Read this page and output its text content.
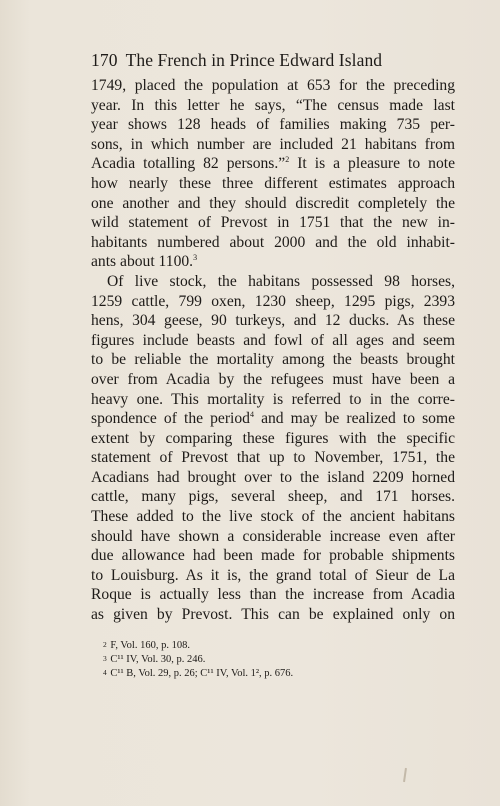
170 The French in Prince Edward Island
1749, placed the population at 653 for the preceding
year. In this letter he says, “The census made last
year shows 128 heads of families making 735 per-
sons, in which number are included 21 habitans from
Acadia totalling 82 persons.”$^2$ It is a pleasure to note
how nearly these three different estimates approach
one another and they should discredit completely the
wild statement of Prevost in 1751 that the new in-
habitants numbered about 2000 and the old inhabit-
ants about 1100.$^3$
Of live stock, the habitans possessed 98 horses,
1259 cattle, 799 oxen, 1230 sheep, 1295 pigs, 2393
hens, 304 geese, 90 turkeys, and 12 ducks. As these
figures include beasts and fowl of all ages and seem
to be reliable the mortality among the beasts brought
over from Acadia by the refugees must have been a
heavy one. This mortality is referred to in the corre-
spondence of the period$^4$ and may be realized to some
extent by comparing these figures with the specific
statement of Prevost that up to November, 1751, the
Acadians had brought over to the island 2209 horned
cattle, many pigs, several sheep, and 171 horses.
These added to the live stock of the ancient habitans
should have shown a considerable increase even after
due allowance had been made for probable shipments
to Louisburg. As it is, the grand total of Sieur de La
Roque is actually less than the increase from Acadia
as given by Prevost. This can be explained only on
2 F, Vol. 160, p. 108.
3 C¹¹ IV, Vol. 30, p. 246.
4 C¹¹ B, Vol. 29, p. 26; C¹¹ IV, Vol. 1², p. 676.
